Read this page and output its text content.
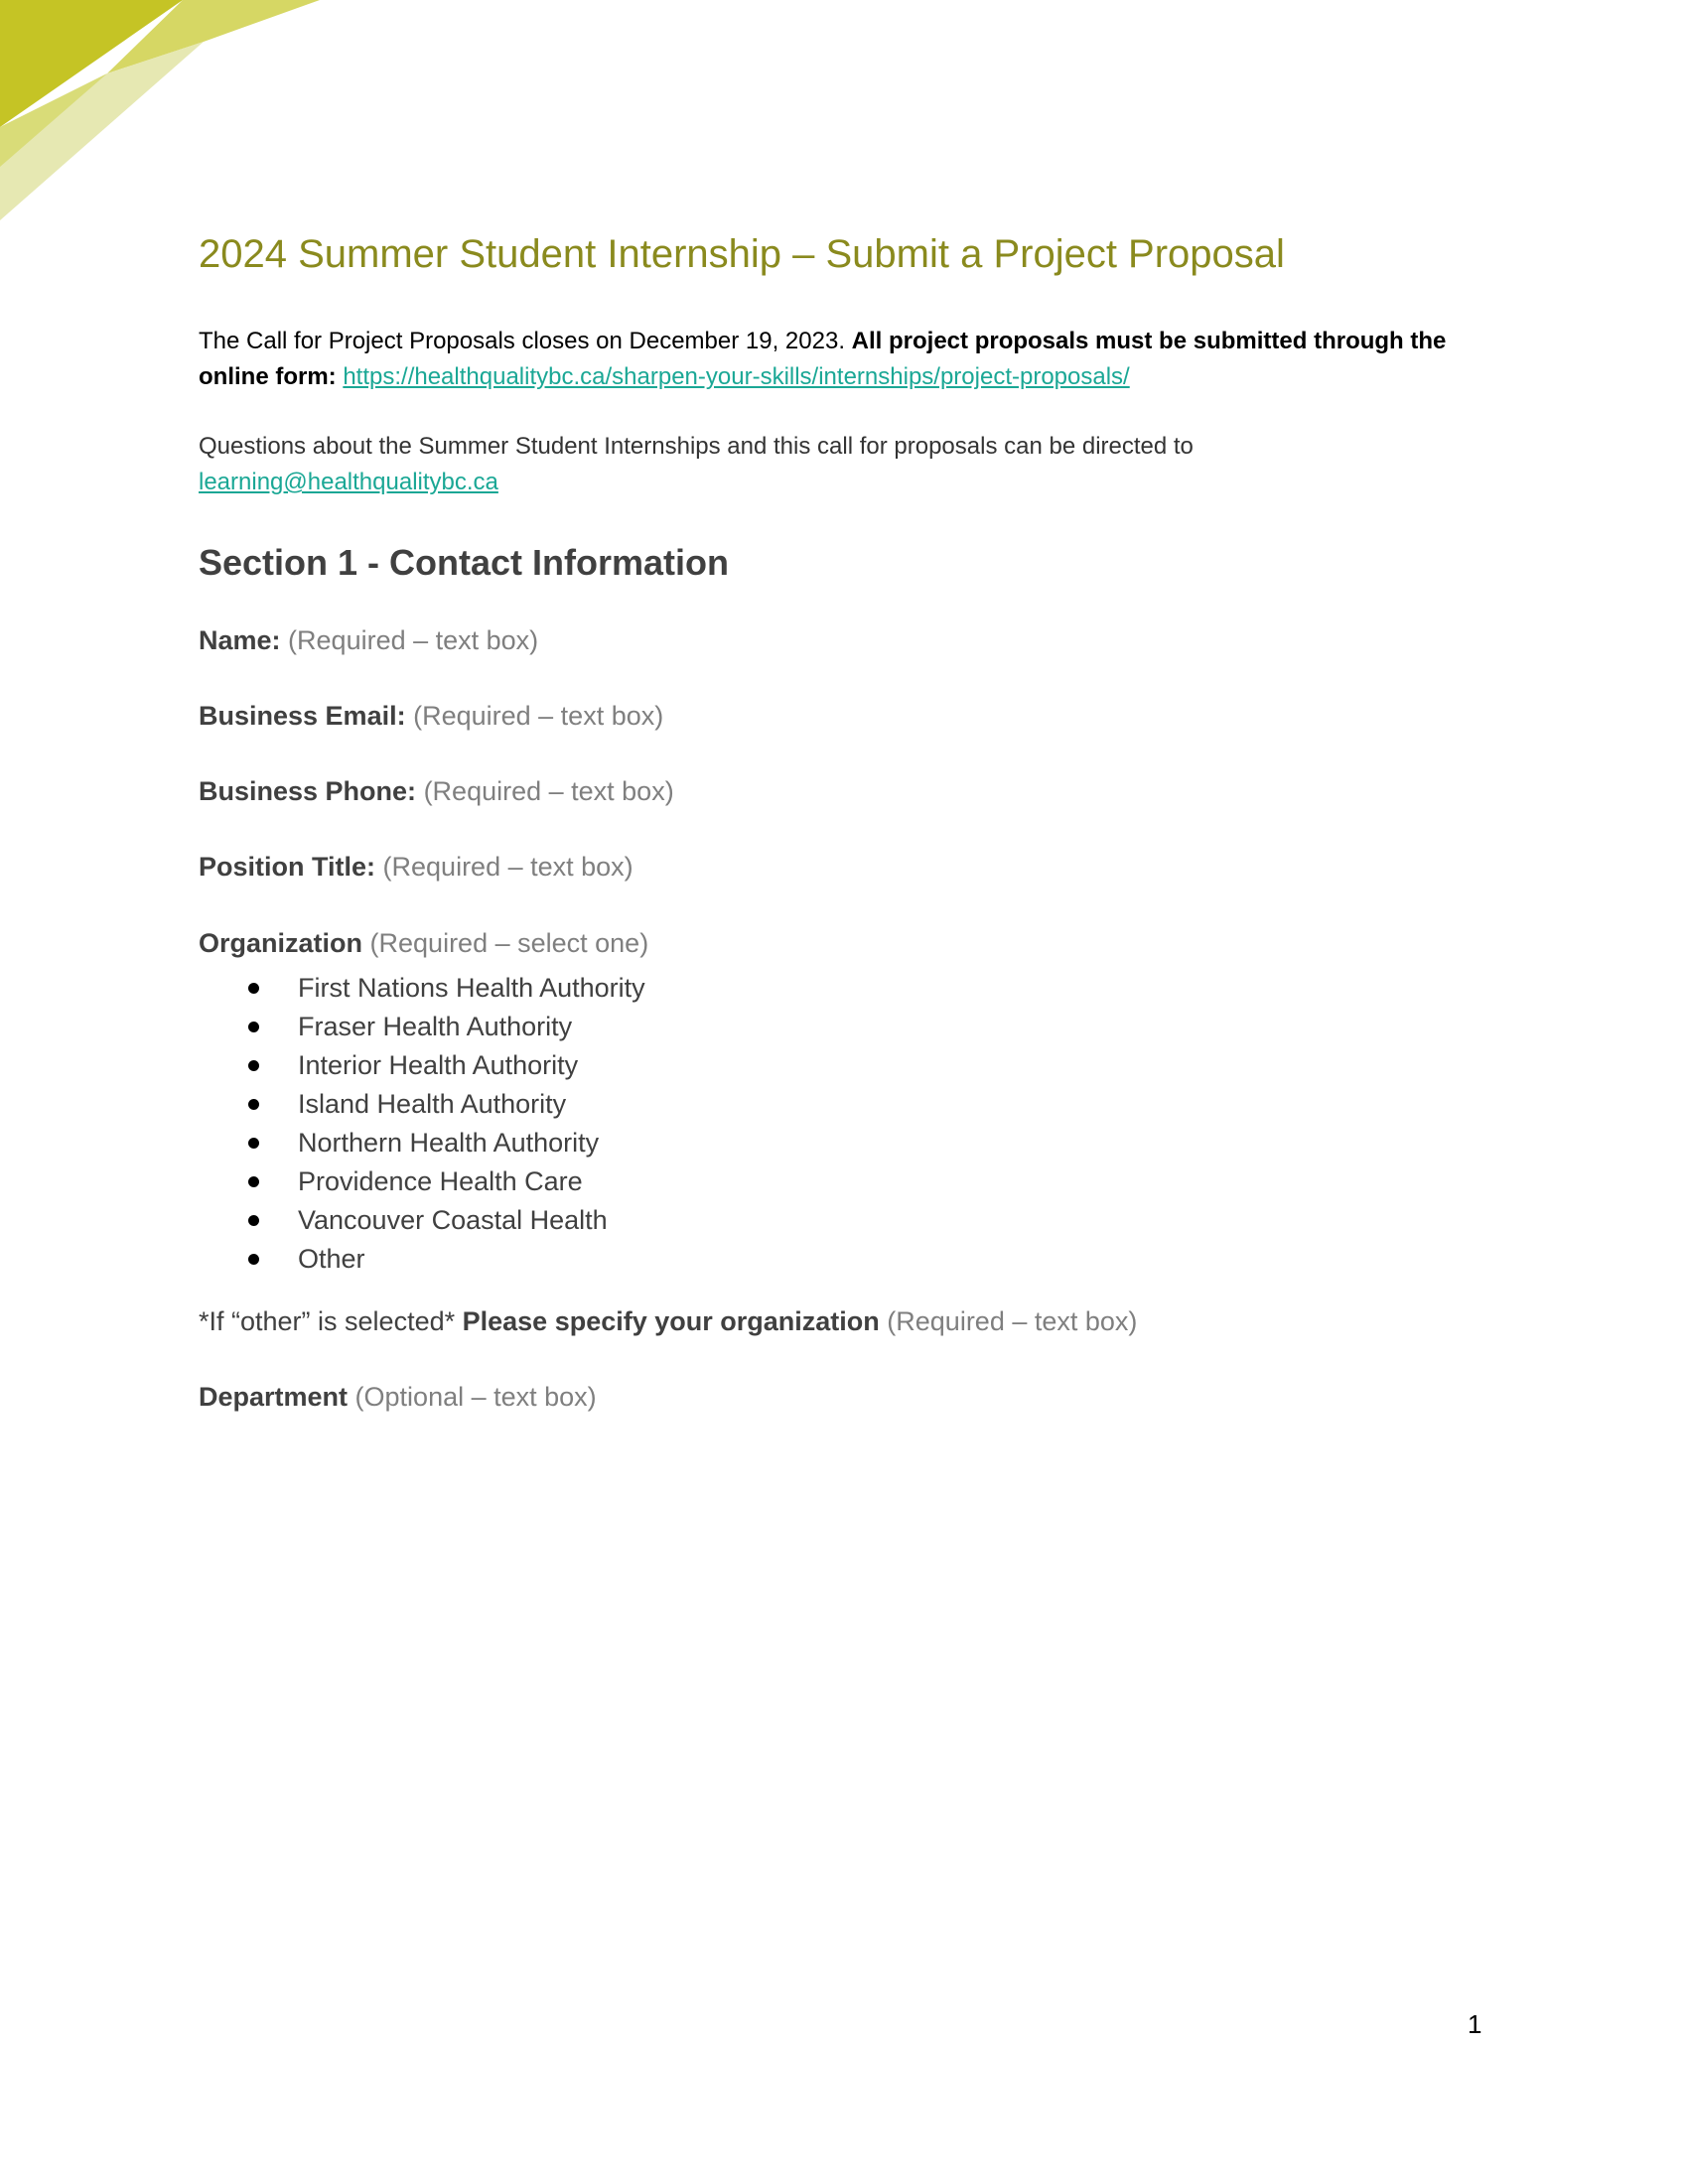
2024 Summer Student Internship – Submit a Project Proposal

The Call for Project Proposals closes on December 19, 2023. All project proposals must be submitted through the online form: https://healthqualitybc.ca/sharpen-your-skills/internships/project-proposals/

Questions about the Summer Student Internships and this call for proposals can be directed to
learning@healthqualitybc.ca

Section 1 - Contact Information

Name: (Required – text box)

Business Email: (Required – text box)

Business Phone: (Required – text box)

Position Title: (Required – text box)

Organization (Required – select one)

First Nations Health Authority
Fraser Health Authority
Interior Health Authority
Island Health Authority
Northern Health Authority
Providence Health Care
Vancouver Coastal Health
Other

*If “other” is selected* Please specify your organization (Required – text box)

Department (Optional – text box)

1
